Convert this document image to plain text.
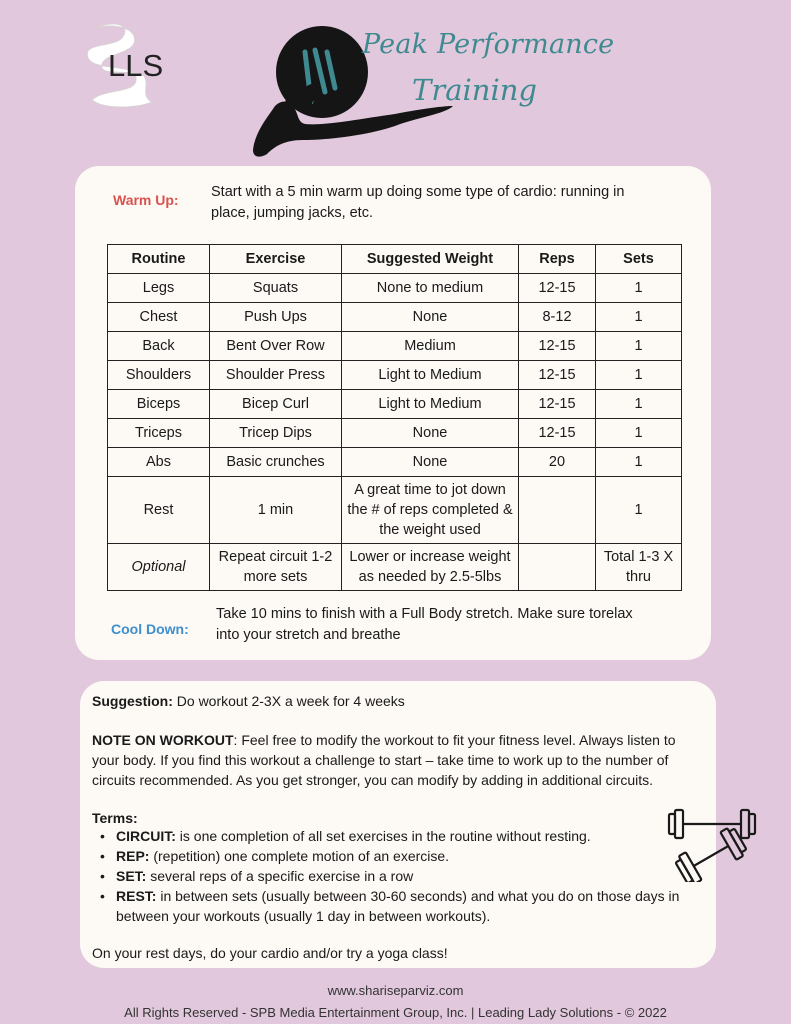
LLS
Peak Performance
Training
Warm Up: Start with a 5 min warm up doing some type of cardio: running in place, jumping jacks, etc.
Routine	Exercise	Suggested Weight	Reps	Sets
Legs	Squats	None to medium	12-15	1
Chest	Push Ups	None	8-12	1
Back	Bent Over Row	Medium	12-15	1
Shoulders	Shoulder Press	Light to Medium	12-15	1
Biceps	Bicep Curl	Light to Medium	12-15	1
Triceps	Tricep Dips	None	12-15	1
Abs	Basic crunches	None	20	1
Rest	1 min	A great time to jot down the # of reps completed & the weight used		1
Optional	Repeat circuit 1-2 more sets	Lower or increase weight as needed by 2.5-5lbs		Total 1-3 X thru
Cool Down:
Take 10 mins to finish with a Full Body stretch. Make sure torelax into your stretch and breathe
Suggestion: Do workout 2-3X a week for 4 weeks
NOTE ON WORKOUT: Feel free to modify the workout to fit your fitness level. Always listen to your body. If you find this workout a challenge to start – take time to work up to the number of circuits recommended. As you get stronger, you can modify by adding in additional circuits.
Terms:
• CIRCUIT: is one completion of all set exercises in the routine without resting.
• REP: (repetition) one complete motion of an exercise.
• SET: several reps of a specific exercise in a row
• REST: in between sets (usually between 30-60 seconds) and what you do on those days in between your workouts (usually 1 day in between workouts).
On your rest days, do your cardio and/or try a yoga class!
www.shariseparviz.com
All Rights Reserved - SPB Media Entertainment Group, Inc. | Leading Lady Solutions - © 2022
